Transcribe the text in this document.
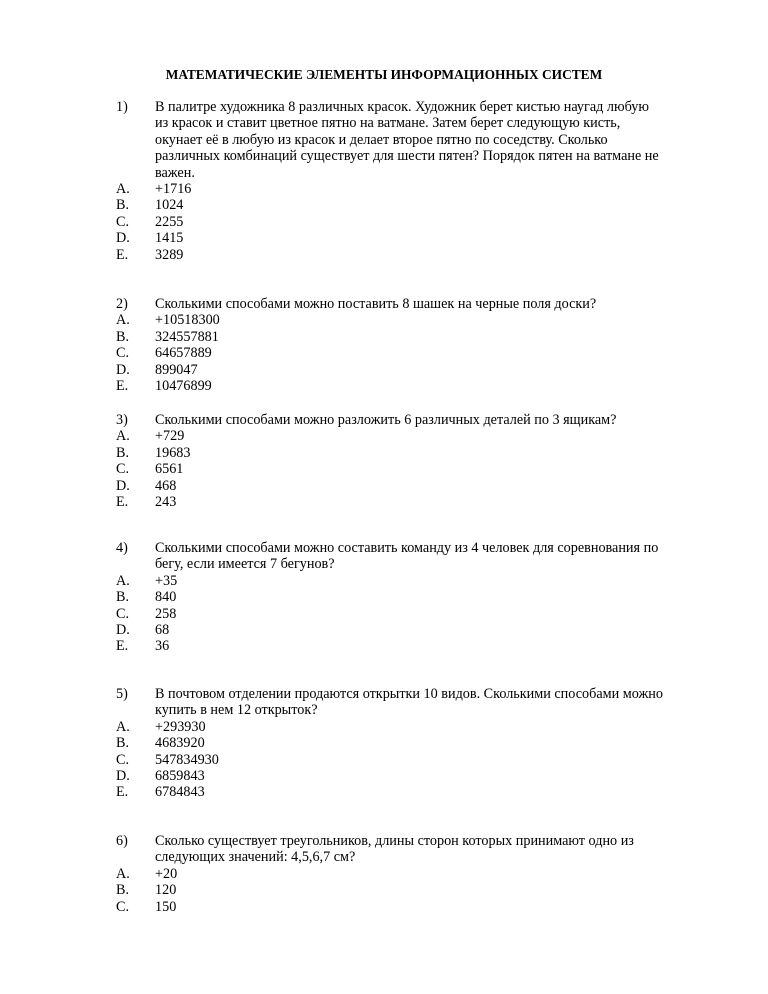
МАТЕМАТИЧЕСКИЕ ЭЛЕМЕНТЫ ИНФОРМАЦИОННЫХ СИСТЕМ
1) В палитре художника 8 различных красок. Художник берет кистью наугад любую
из красок и ставит цветное пятно на ватмане. Затем берет следующую кисть,
окунает её в любую из красок и делает второе пятно по соседству. Сколько
различных комбинаций существует для шести пятен? Порядок пятен на ватмане не
важен.
A. +1716
B. 1024
C. 2255
D. 1415
E. 3289
2) Сколькими способами можно поставить 8 шашек на черные поля доски?
A. +10518300
B. 324557881
C. 64657889
D. 899047
E. 10476899
3) Сколькими способами можно разложить 6 различных деталей по 3 ящикам?
A. +729
B. 19683
C. 6561
D. 468
E. 243
4) Сколькими способами можно составить команду из 4 человек для соревнования по
бегу, если имеется 7 бегунов?
A. +35
B. 840
C. 258
D. 68
E. 36
5) В почтовом отделении продаются открытки 10 видов. Сколькими способами можно
купить в нем 12 открыток?
A. +293930
B. 4683920
C. 547834930
D. 6859843
E. 6784843
6) Сколько существует треугольников, длины сторон которых принимают одно из
следующих значений: 4,5,6,7 см?
A. +20
B. 120
C. 150
